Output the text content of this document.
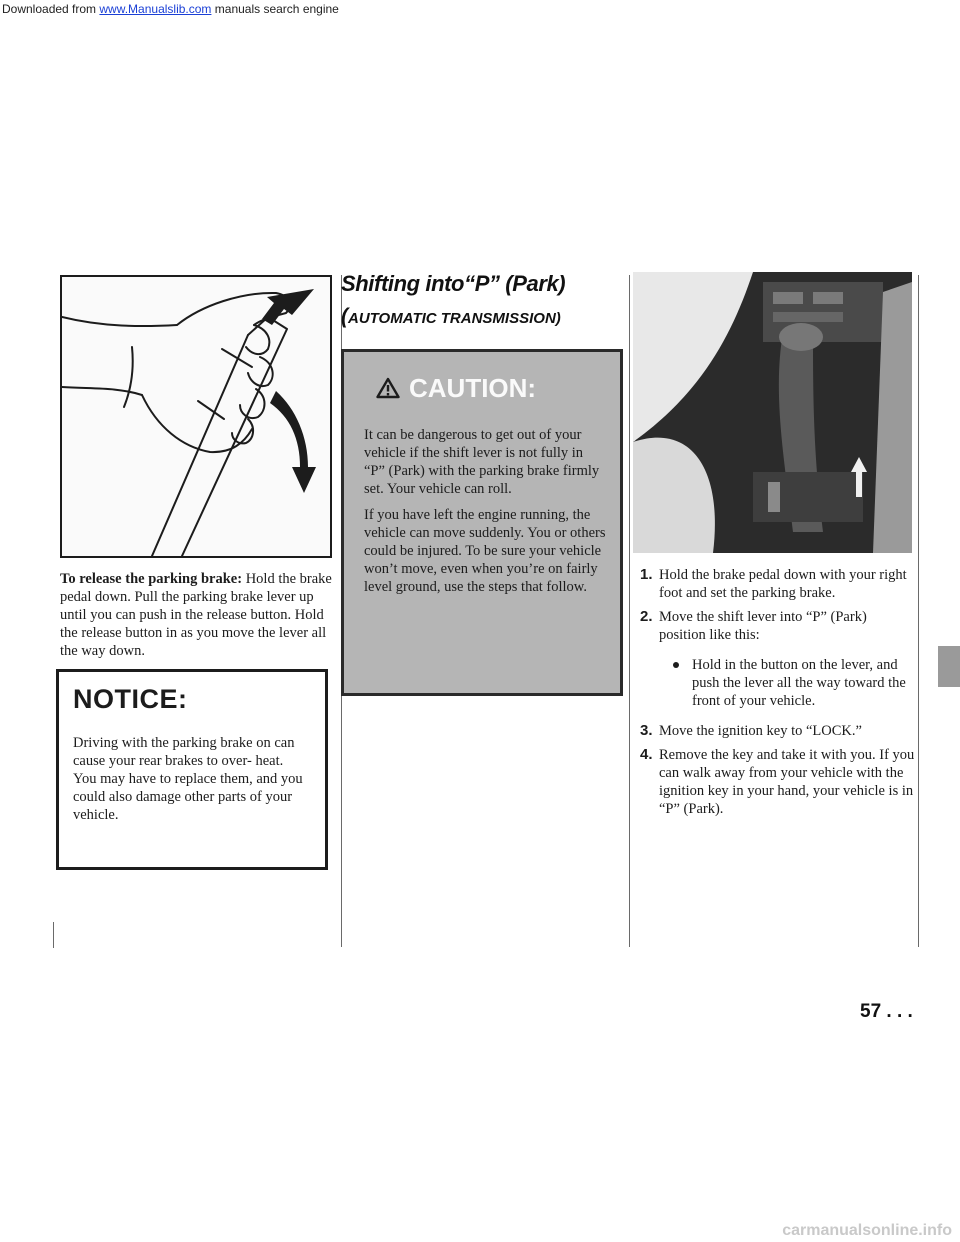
Downloaded from www.Manualslib.com manuals search engine

To release the parking brake: Hold the brake pedal down. Pull the parking brake lever up until you can push in the release button. Hold the release button in as you move the lever all the way down.

NOTICE:

Driving with the parking brake on can cause your rear brakes to over- heat. You may have to replace them, and you could also damage other parts of your vehicle.

Shifting into“P” (Park)

(AUTOMATIC TRANSMISSION)

CAUTION:

It can be dangerous to get out of your vehicle if the shift lever is not fully in “P” (Park) with the parking brake firmly set. Your vehicle can roll.

If you have left the engine running, the vehicle can move suddenly. You or others could be injured. To be sure your vehicle won’t move, even when you’re on fairly level ground, use the steps that follow.

1. Hold the brake pedal down with your right foot and set the parking brake.
2. Move the shift lever into “P” (Park) position like this:
Hold in the button on the lever, and push the lever all the way toward the front of your vehicle.
3. Move the ignition key to “LOCK.”
4. Remove the key and take it with you. If you can walk away from your vehicle with the ignition key in your hand, your vehicle is in “P” (Park).

57 . . .

carmanualsonline.info
